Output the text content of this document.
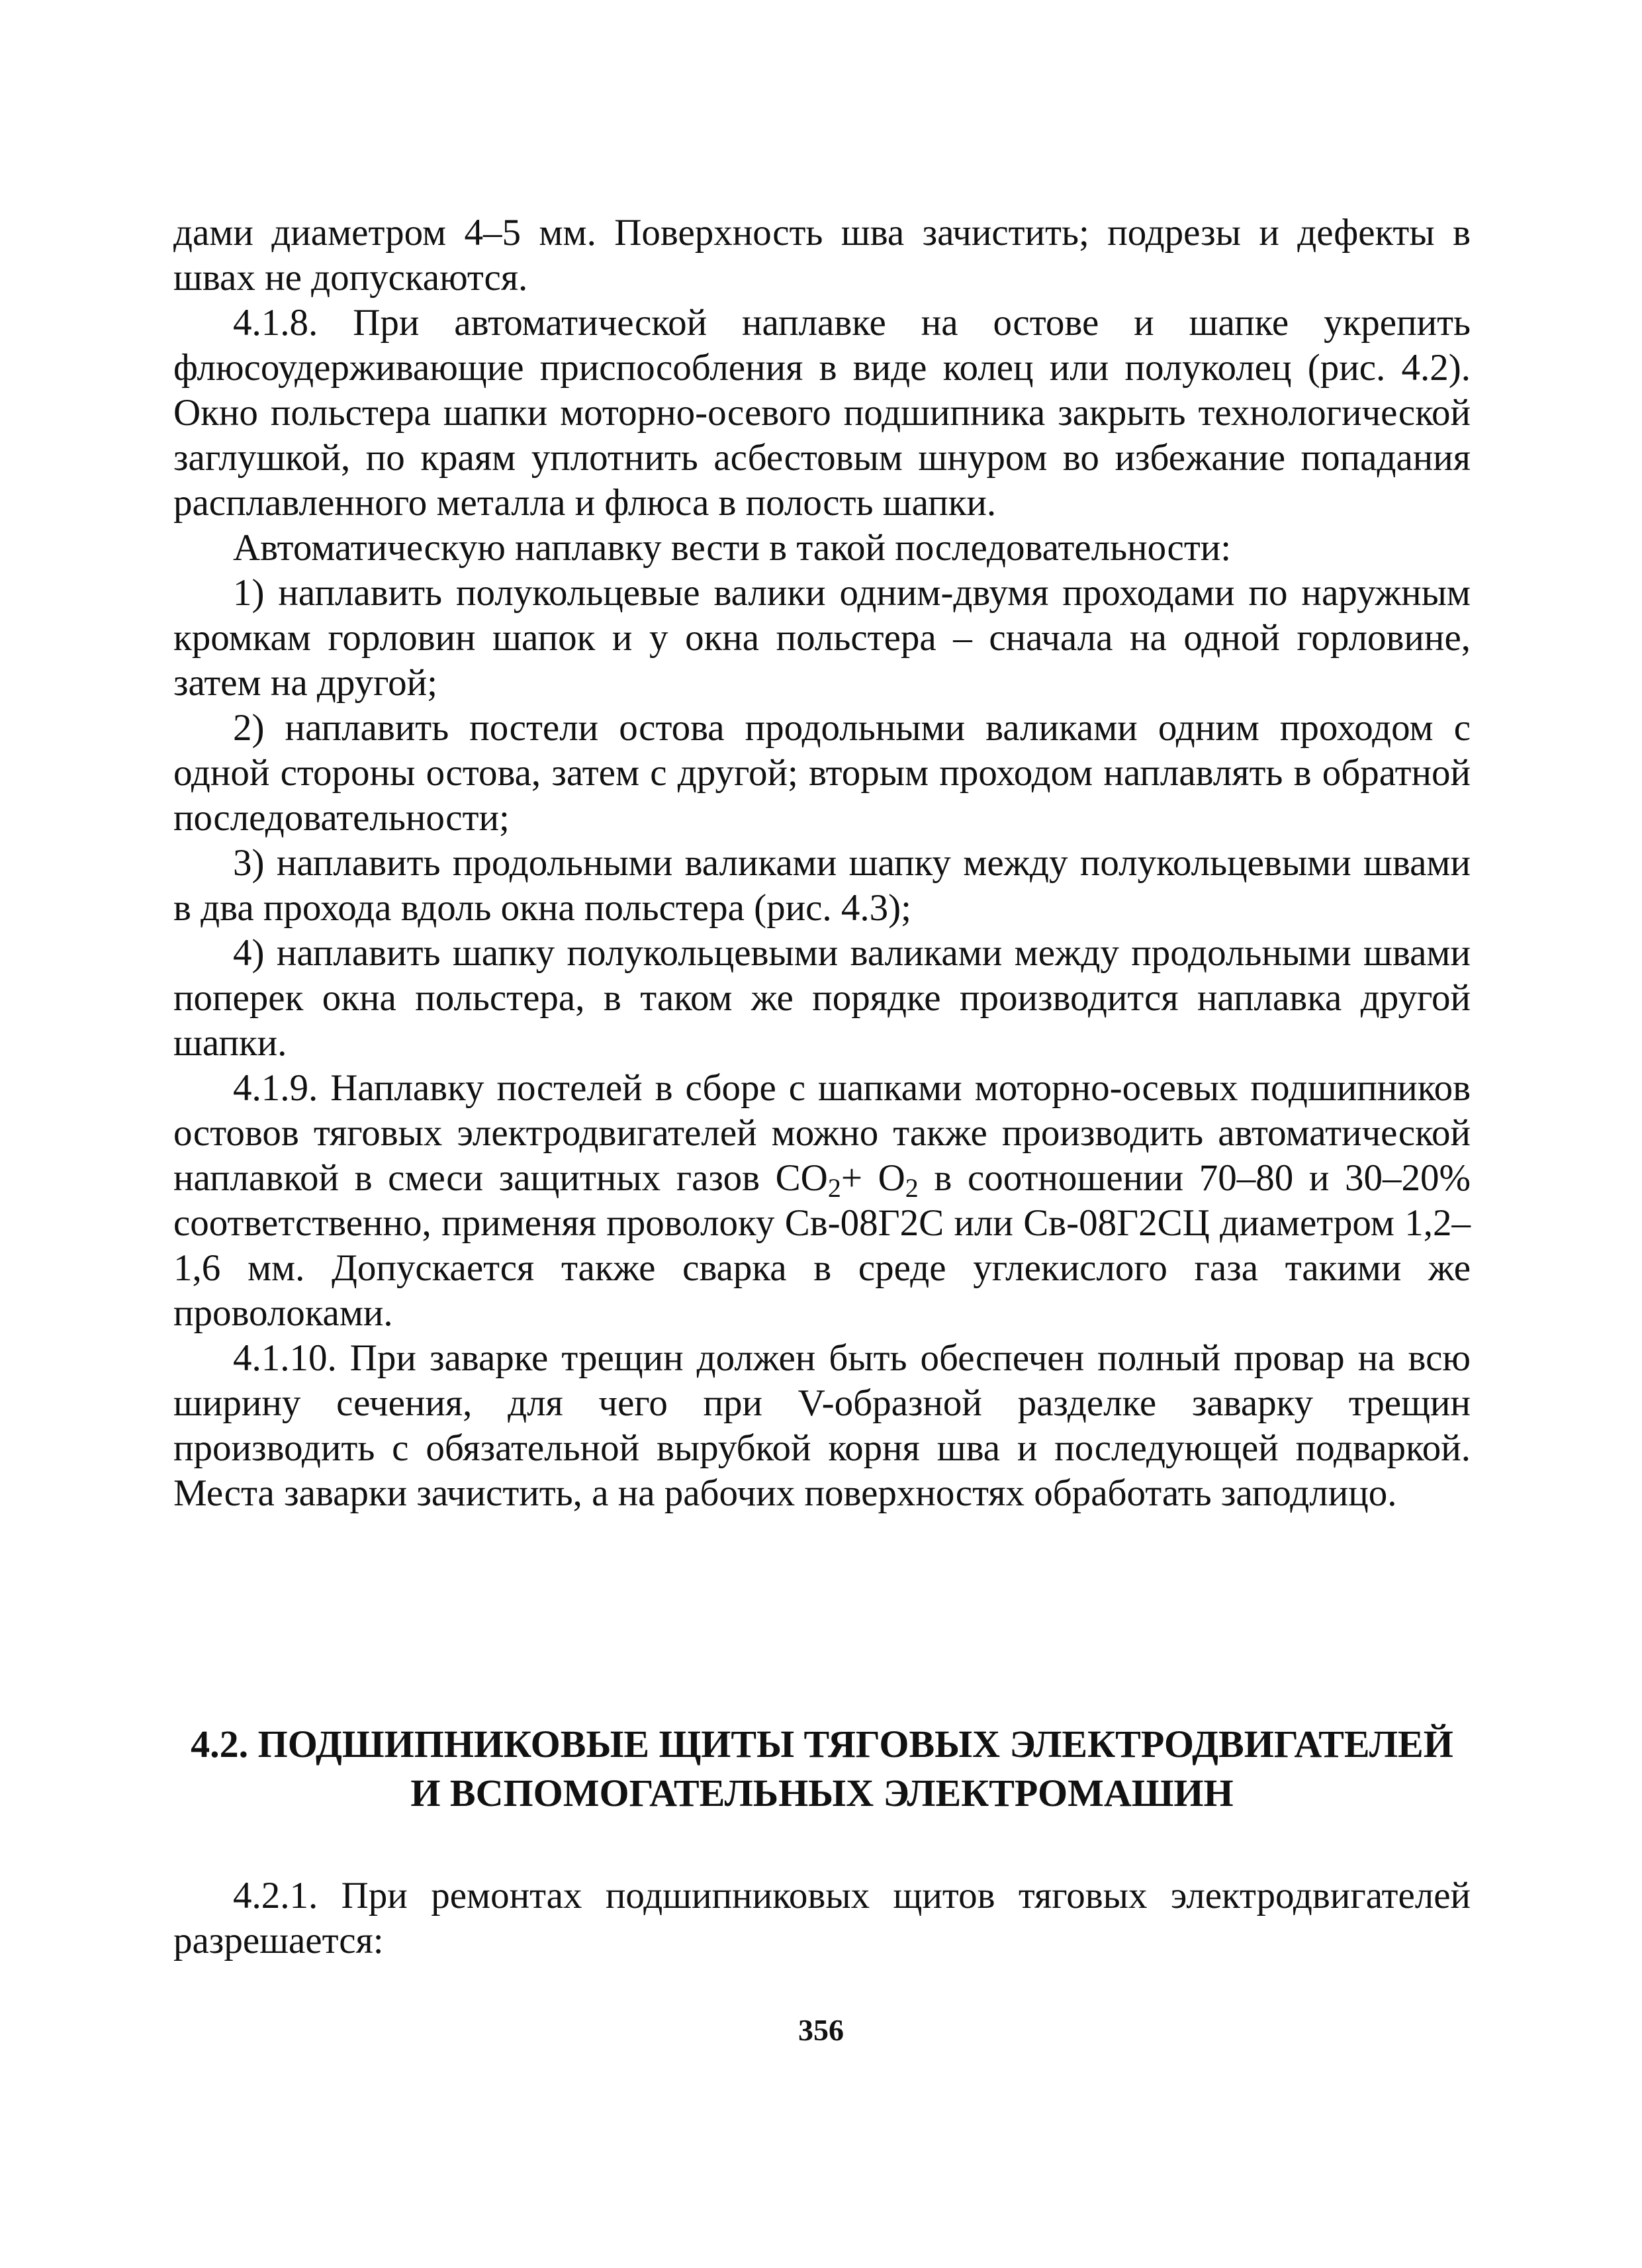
дами диаметром 4–5 мм. Поверхность шва зачистить; подрезы и дефекты в швах не допускаются.

4.1.8. При автоматической наплавке на остове и шапке укрепить флюсоудерживающие приспособления в виде колец или полуколец (рис. 4.2). Окно польстера шапки моторно-осевого подшипника закрыть технологической заглушкой, по краям уплотнить асбестовым шнуром во избежание попадания расплавленного металла и флюса в полость шапки.

Автоматическую наплавку вести в такой последовательности:

1) наплавить полукольцевые валики одним-двумя проходами по наружным кромкам горловин шапок и у окна польстера – сначала на одной горловине, затем на другой;

2) наплавить постели остова продольными валиками одним проходом с одной стороны остова, затем с другой; вторым проходом наплавлять в обратной последовательности;

3) наплавить продольными валиками шапку между полукольцевыми швами в два прохода вдоль окна польстера (рис. 4.3);

4) наплавить шапку полукольцевыми валиками между продольными швами поперек окна польстера, в таком же порядке производится наплавка другой шапки.

4.1.9. Наплавку постелей в сборе с шапками моторно-осевых подшипников остовов тяговых электродвигателей можно также производить автоматической наплавкой в смеси защитных газов $СО_2+ О_2$ в соотношении 70–80 и 30–20% соответственно, применяя проволоку Св-08Г2С или Св-08Г2СЦ диаметром 1,2–1,6 мм. Допускается также сварка в среде углекислого газа такими же проволоками.

4.1.10. При заварке трещин должен быть обеспечен полный провар на всю ширину сечения, для чего при V-образной разделке заварку трещин производить с обязательной вырубкой корня шва и последующей подваркой. Места заварки зачистить, а на рабочих поверхностях обработать заподлицо.

4.2. ПОДШИПНИКОВЫЕ ЩИТЫ ТЯГОВЫХ ЭЛЕКТРОДВИГАТЕЛЕЙ
И ВСПОМОГАТЕЛЬНЫХ ЭЛЕКТРОМАШИН

4.2.1. При ремонтах подшипниковых щитов тяговых электродвигателей разрешается:

356
